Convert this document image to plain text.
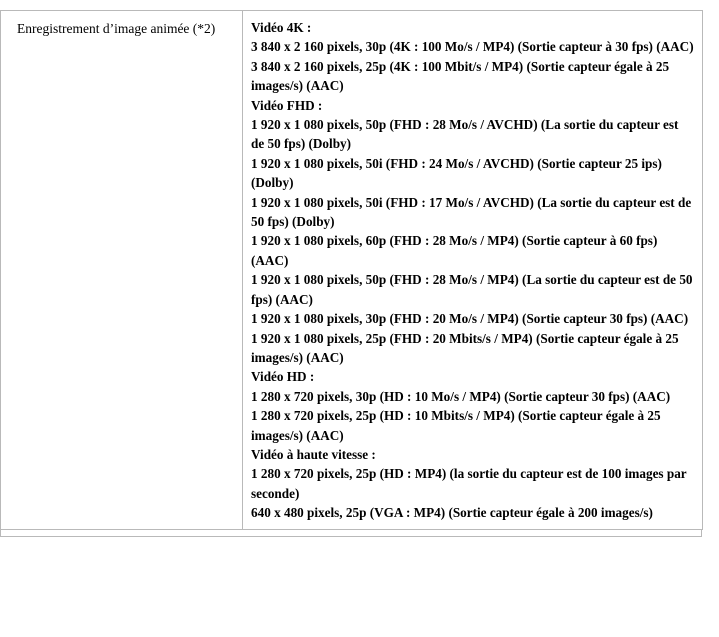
Enregistrement d’image animée (*2)	Vidéo 4K :

3 840 x 2 160 pixels, 30p (4K : 100 Mo/s / MP4) (Sortie capteur à 30 fps) (AAC)

3 840 x 2 160 pixels, 25p (4K : 100 Mbit/s / MP4) (Sortie capteur égale à 25 images/s) (AAC)

Vidéo FHD :

1 920 x 1 080 pixels, 50p (FHD : 28 Mo/s / AVCHD) (La sortie du capteur est de 50 fps) (Dolby)

1 920 x 1 080 pixels, 50i (FHD : 24 Mo/s / AVCHD) (Sortie capteur 25 ips) (Dolby)

1 920 x 1 080 pixels, 50i (FHD : 17 Mo/s / AVCHD) (La sortie du capteur est de 50 fps) (Dolby)

1 920 x 1 080 pixels, 60p (FHD : 28 Mo/s / MP4) (Sortie capteur à 60 fps) (AAC)

1 920 x 1 080 pixels, 50p (FHD : 28 Mo/s / MP4) (La sortie du capteur est de 50 fps) (AAC)

1 920 x 1 080 pixels, 30p (FHD : 20 Mo/s / MP4) (Sortie capteur 30 fps) (AAC)

1 920 x 1 080 pixels, 25p (FHD : 20 Mbits/s / MP4) (Sortie capteur égale à 25 images/s) (AAC)

Vidéo HD :

1 280 x 720 pixels, 30p (HD : 10 Mo/s / MP4) (Sortie capteur 30 fps) (AAC)

1 280 x 720 pixels, 25p (HD : 10 Mbits/s / MP4) (Sortie capteur égale à 25 images/s) (AAC)

Vidéo à haute vitesse :

1 280 x 720 pixels, 25p (HD : MP4) (la sortie du capteur est de 100 images par seconde)

640 x 480 pixels, 25p (VGA : MP4) (Sortie capteur égale à 200 images/s)
